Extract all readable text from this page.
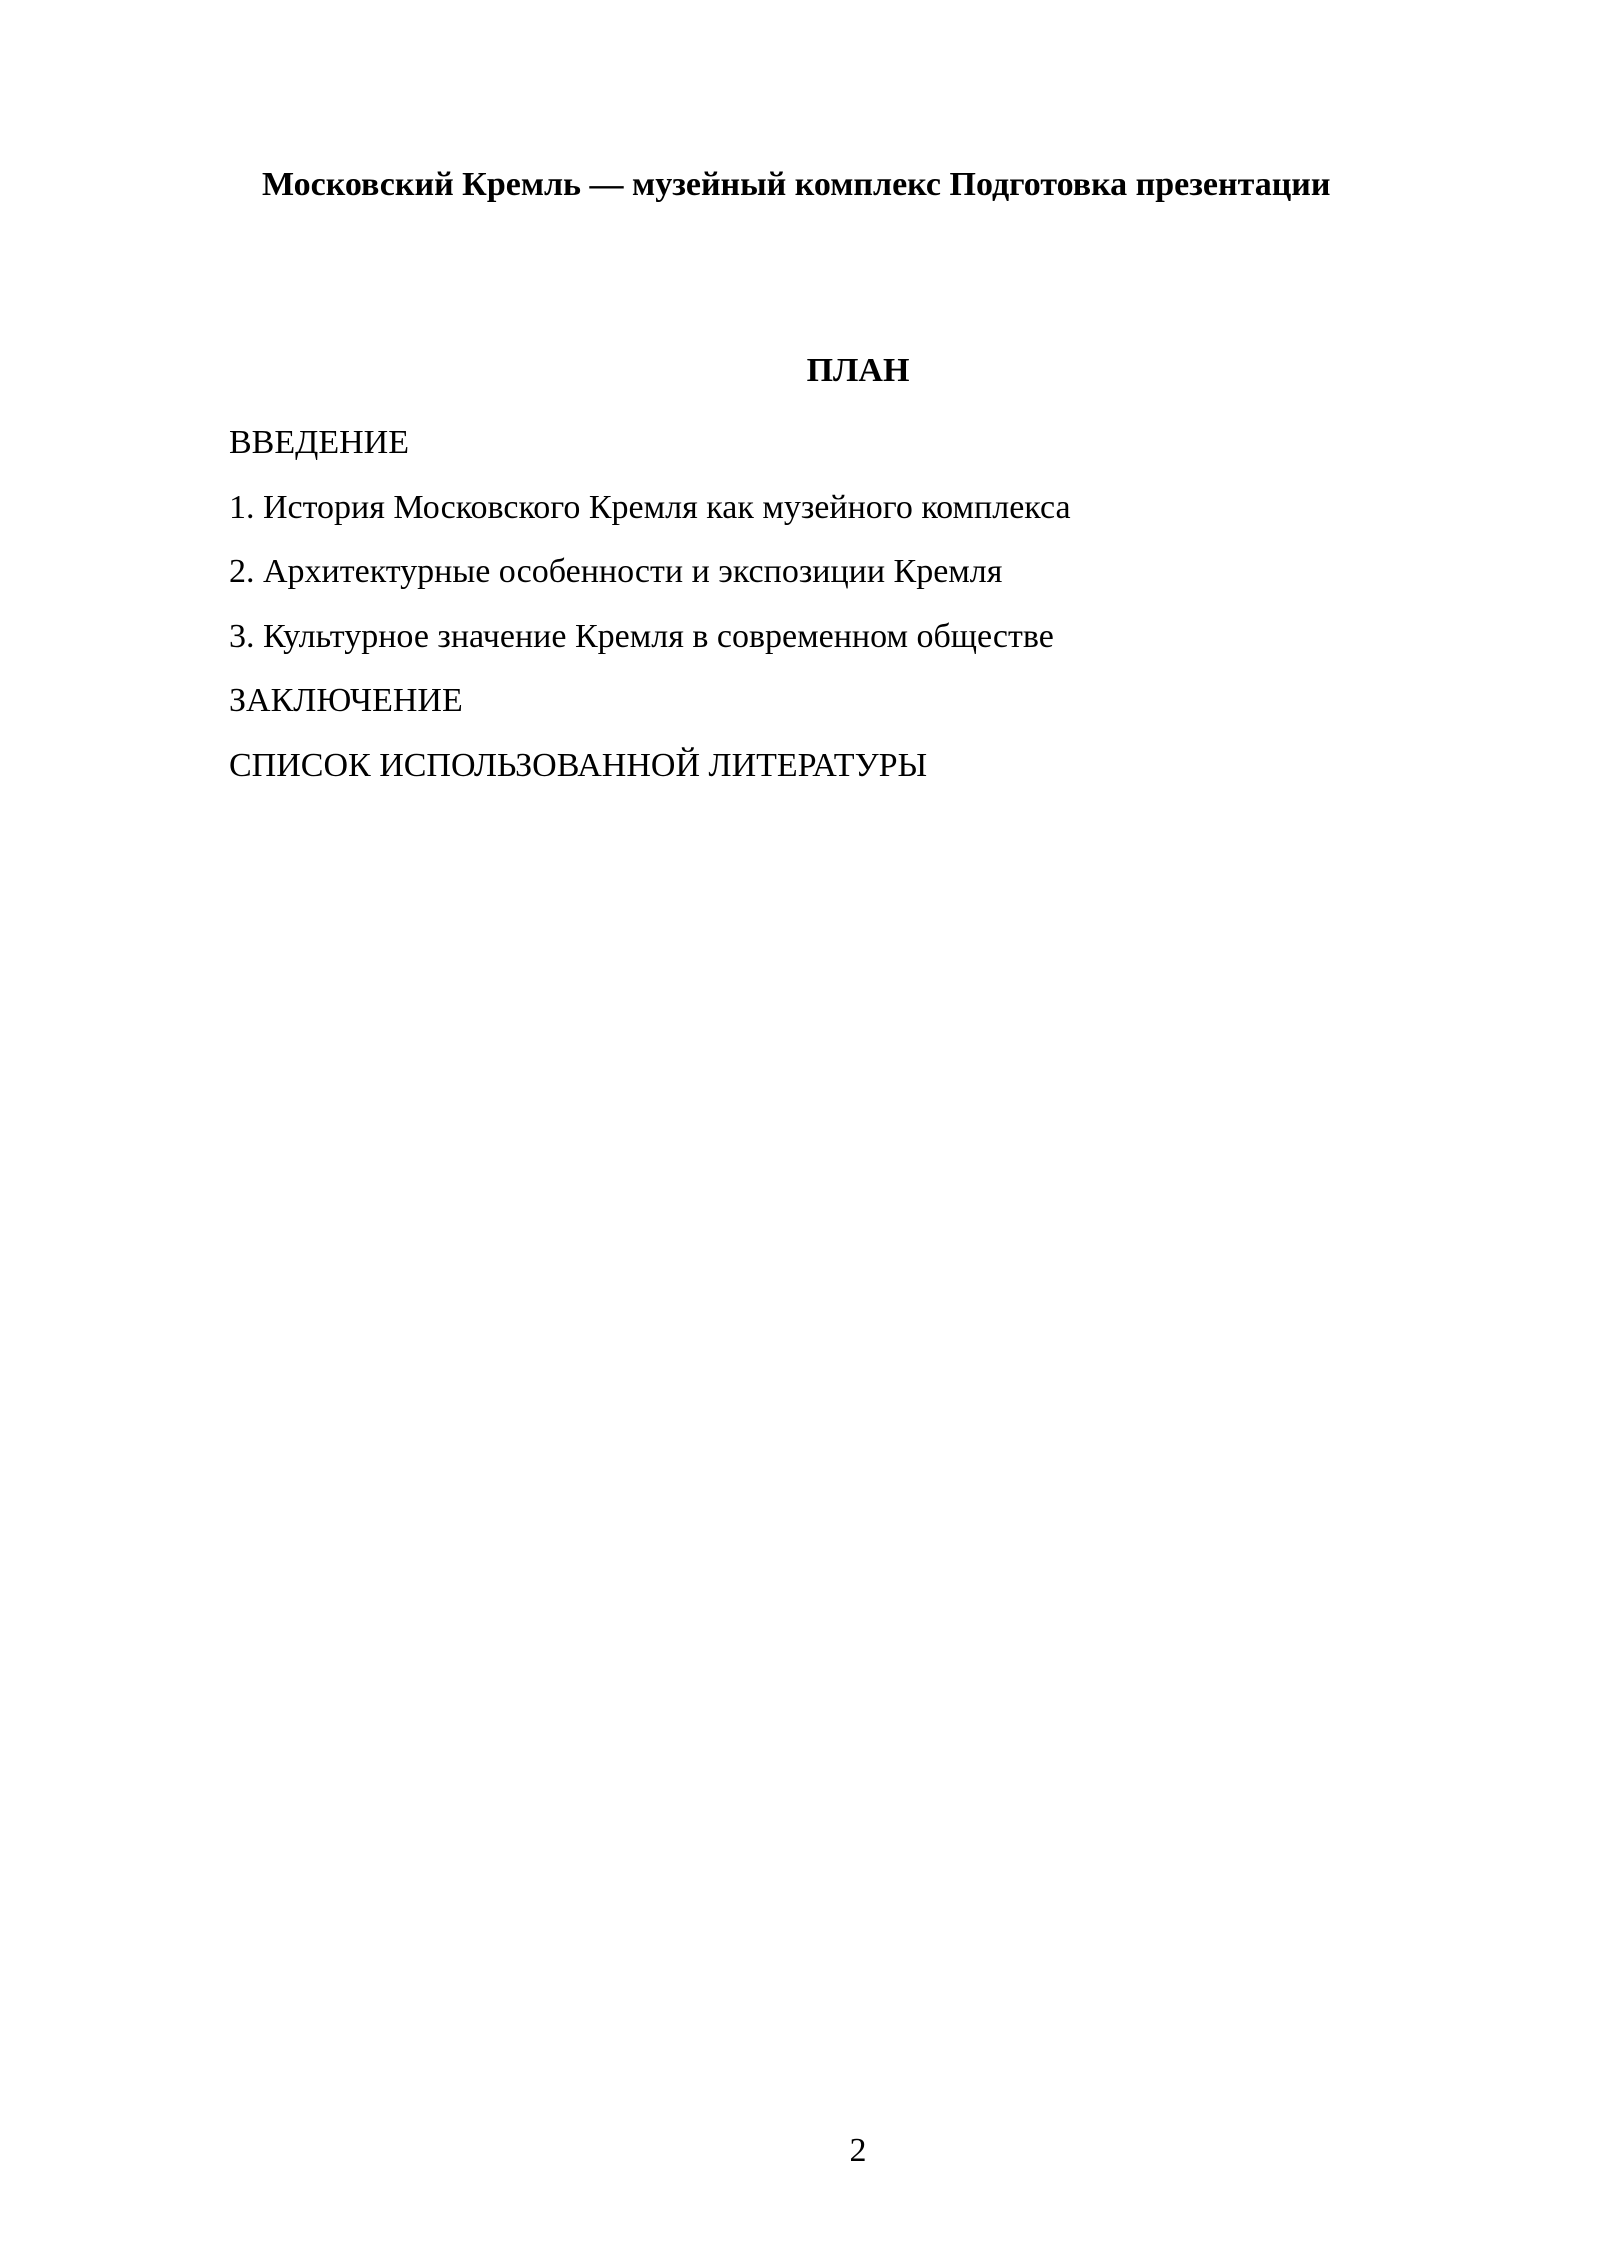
Московский Кремль — музейный комплекс Подготовка презентации
ПЛАН
ВВЕДЕНИЕ
1. История Московского Кремля как музейного комплекса
2. Архитектурные особенности и экспозиции Кремля
3. Культурное значение Кремля в современном обществе
ЗАКЛЮЧЕНИЕ
СПИСОК ИСПОЛЬЗОВАННОЙ ЛИТЕРАТУРЫ
2
